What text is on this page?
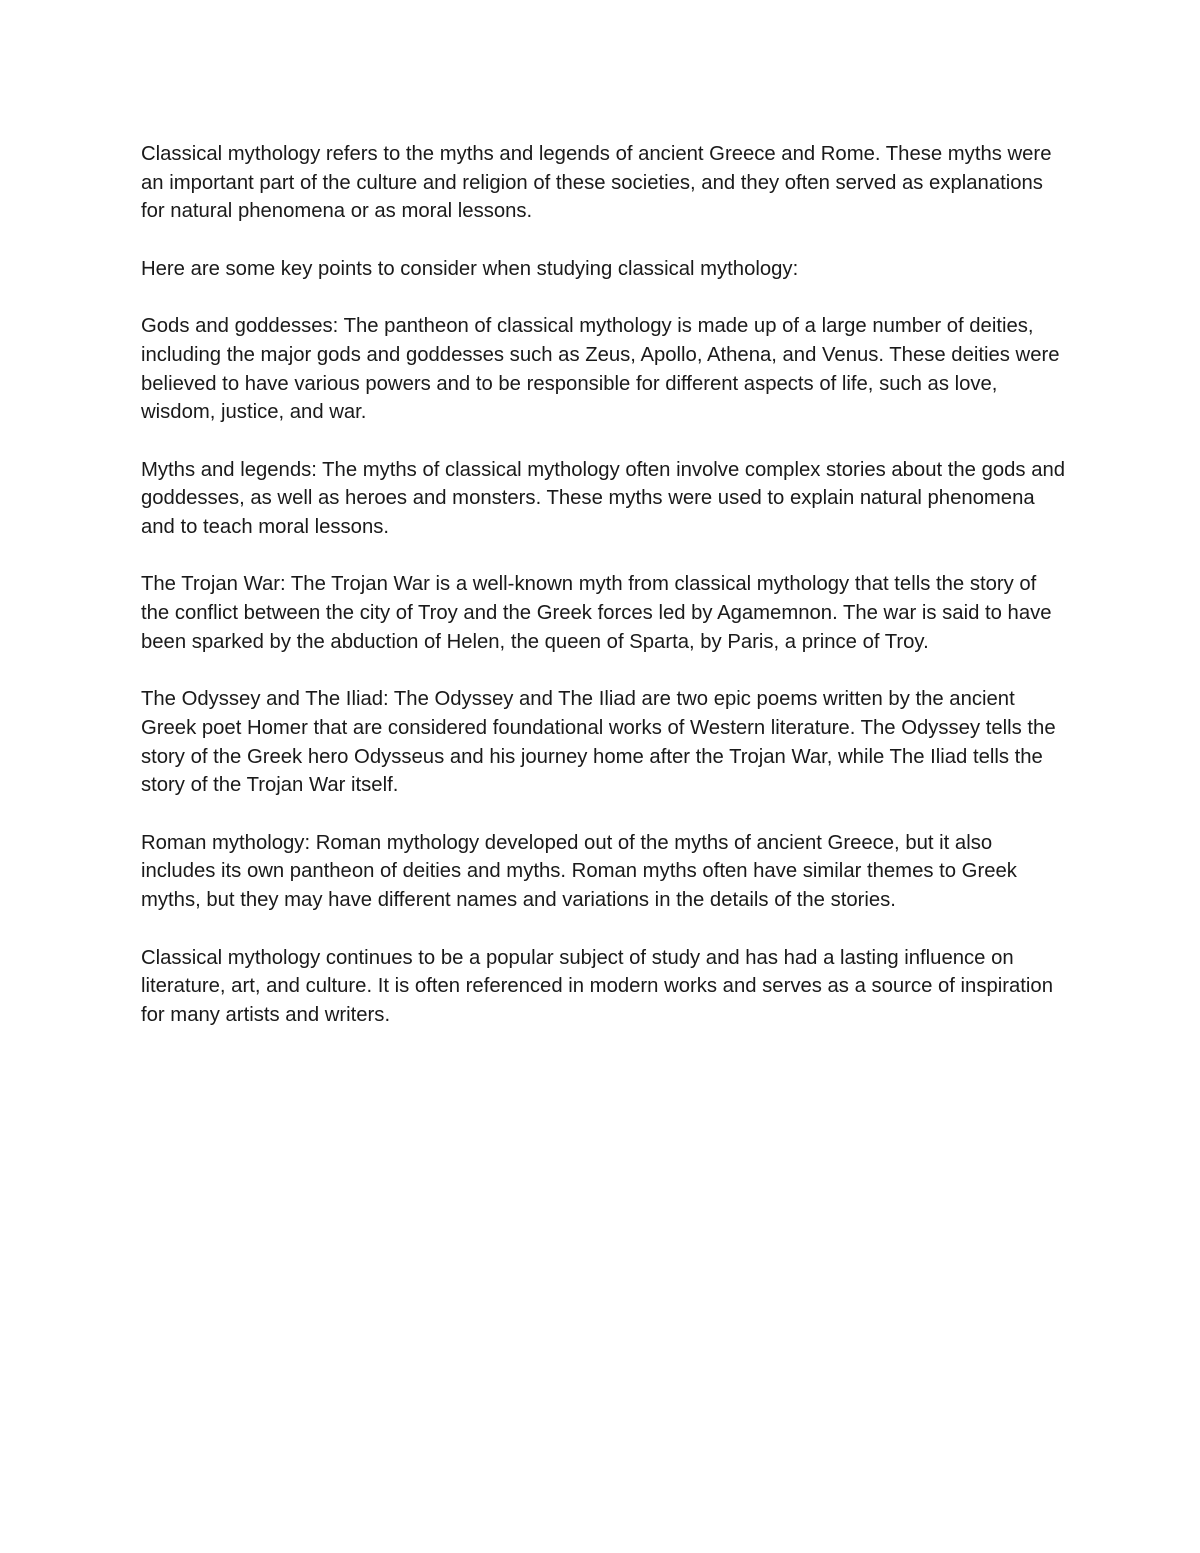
Classical mythology refers to the myths and legends of ancient Greece and Rome. These myths were an important part of the culture and religion of these societies, and they often served as explanations for natural phenomena or as moral lessons.

Here are some key points to consider when studying classical mythology:

Gods and goddesses: The pantheon of classical mythology is made up of a large number of deities, including the major gods and goddesses such as Zeus, Apollo, Athena, and Venus. These deities were believed to have various powers and to be responsible for different aspects of life, such as love, wisdom, justice, and war.

Myths and legends: The myths of classical mythology often involve complex stories about the gods and goddesses, as well as heroes and monsters. These myths were used to explain natural phenomena and to teach moral lessons.

The Trojan War: The Trojan War is a well-known myth from classical mythology that tells the story of the conflict between the city of Troy and the Greek forces led by Agamemnon. The war is said to have been sparked by the abduction of Helen, the queen of Sparta, by Paris, a prince of Troy.

The Odyssey and The Iliad: The Odyssey and The Iliad are two epic poems written by the ancient Greek poet Homer that are considered foundational works of Western literature. The Odyssey tells the story of the Greek hero Odysseus and his journey home after the Trojan War, while The Iliad tells the story of the Trojan War itself.

Roman mythology: Roman mythology developed out of the myths of ancient Greece, but it also includes its own pantheon of deities and myths. Roman myths often have similar themes to Greek myths, but they may have different names and variations in the details of the stories.

Classical mythology continues to be a popular subject of study and has had a lasting influence on literature, art, and culture. It is often referenced in modern works and serves as a source of inspiration for many artists and writers.
